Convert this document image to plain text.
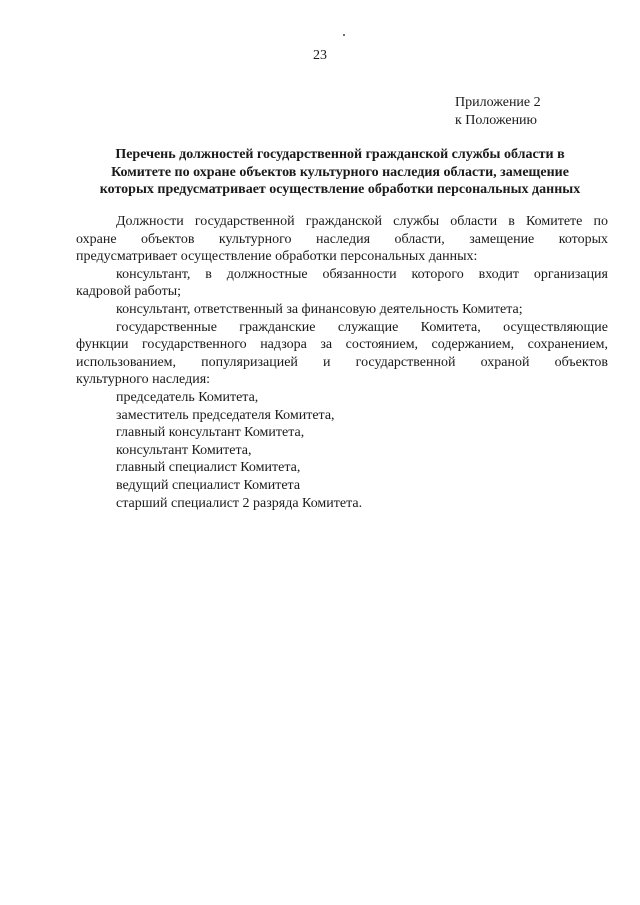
23
Приложение 2
к Положению
Перечень должностей государственной гражданской службы области в
Комитете по охране объектов культурного наследия области, замещение
которых предусматривает осуществление обработки персональных данных
Должности государственной гражданской службы области в Комитете по
охране объектов культурного наследия области, замещение которых
предусматривает осуществление обработки персональных данных:
консультант, в должностные обязанности которого входит организация
кадровой работы;
консультант, ответственный за финансовую деятельность Комитета;
государственные гражданские служащие Комитета, осуществляющие
функции государственного надзора за состоянием, содержанием, сохранением,
использованием, популяризацией и государственной охраной объектов
культурного наследия:
председатель Комитета,
заместитель председателя Комитета,
главный консультант Комитета,
консультант Комитета,
главный специалист Комитета,
ведущий специалист Комитета
старший специалист 2 разряда Комитета.
